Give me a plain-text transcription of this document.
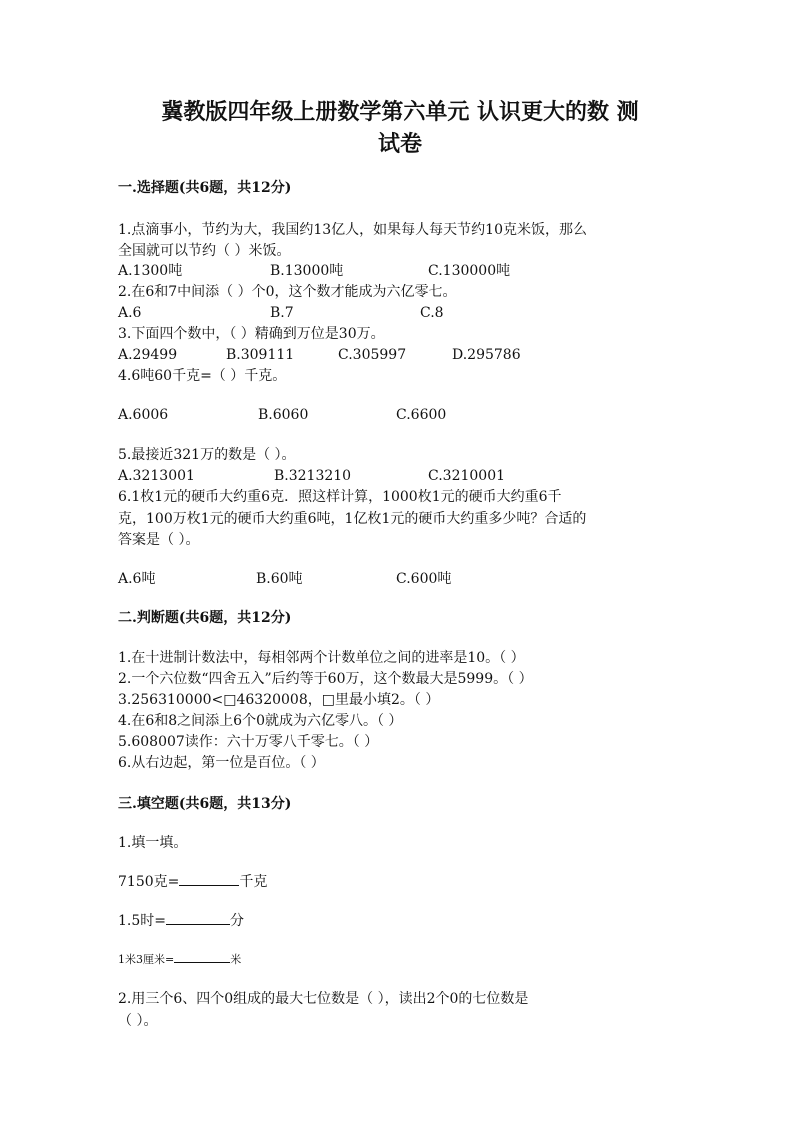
冀教版四年级上册数学第六单元 认识更大的数 测
试卷
一.选择题(共6题，共12分)
1.点滴事小，节约为大，我国约13亿人，如果每人每天节约10克米饭，那么
全国就可以节约（ ）米饭。
A.1300吨	B.13000吨	C.130000吨
2.在6和7中间添（ ）个0，这个数才能成为六亿零七。
A.6	B.7	C.8
3.下面四个数中，（ ）精确到万位是30万。
A.29499	B.309111	C.305997	D.295786
4.6吨60千克=（ ）千克。
A.6006	B.6060	C.6600
5.最接近321万的数是（ ）。
A.3213001	B.3213210	C.3210001
6.1枚1元的硬币大约重6克．照这样计算，1000枚1元的硬币大约重6千
克，100万枚1元的硬币大约重6吨，1亿枚1元的硬币大约重多少吨？合适的
答案是（ ）。
A.6吨	B.60吨	C.600吨
二.判断题(共6题，共12分)
1.在十进制计数法中，每相邻两个计数单位之间的进率是10。（ ）
2.一个六位数“四舍五入”后约等于60万，这个数最大是5999。（ ）
3.256310000<□46320008，□里最小填2。（ ）
4.在6和8之间添上6个0就成为六亿零八。（ ）
5.608007读作：六十万零八千零七。（ ）
6.从右边起，第一位是百位。（ ）
三.填空题(共6题，共13分)
1.填一填。
7150克=	千克
1.5时=	分
1米3厘米=	米
2.用三个6、四个0组成的最大七位数是（ ），读出2个0的七位数是
（ ）。
